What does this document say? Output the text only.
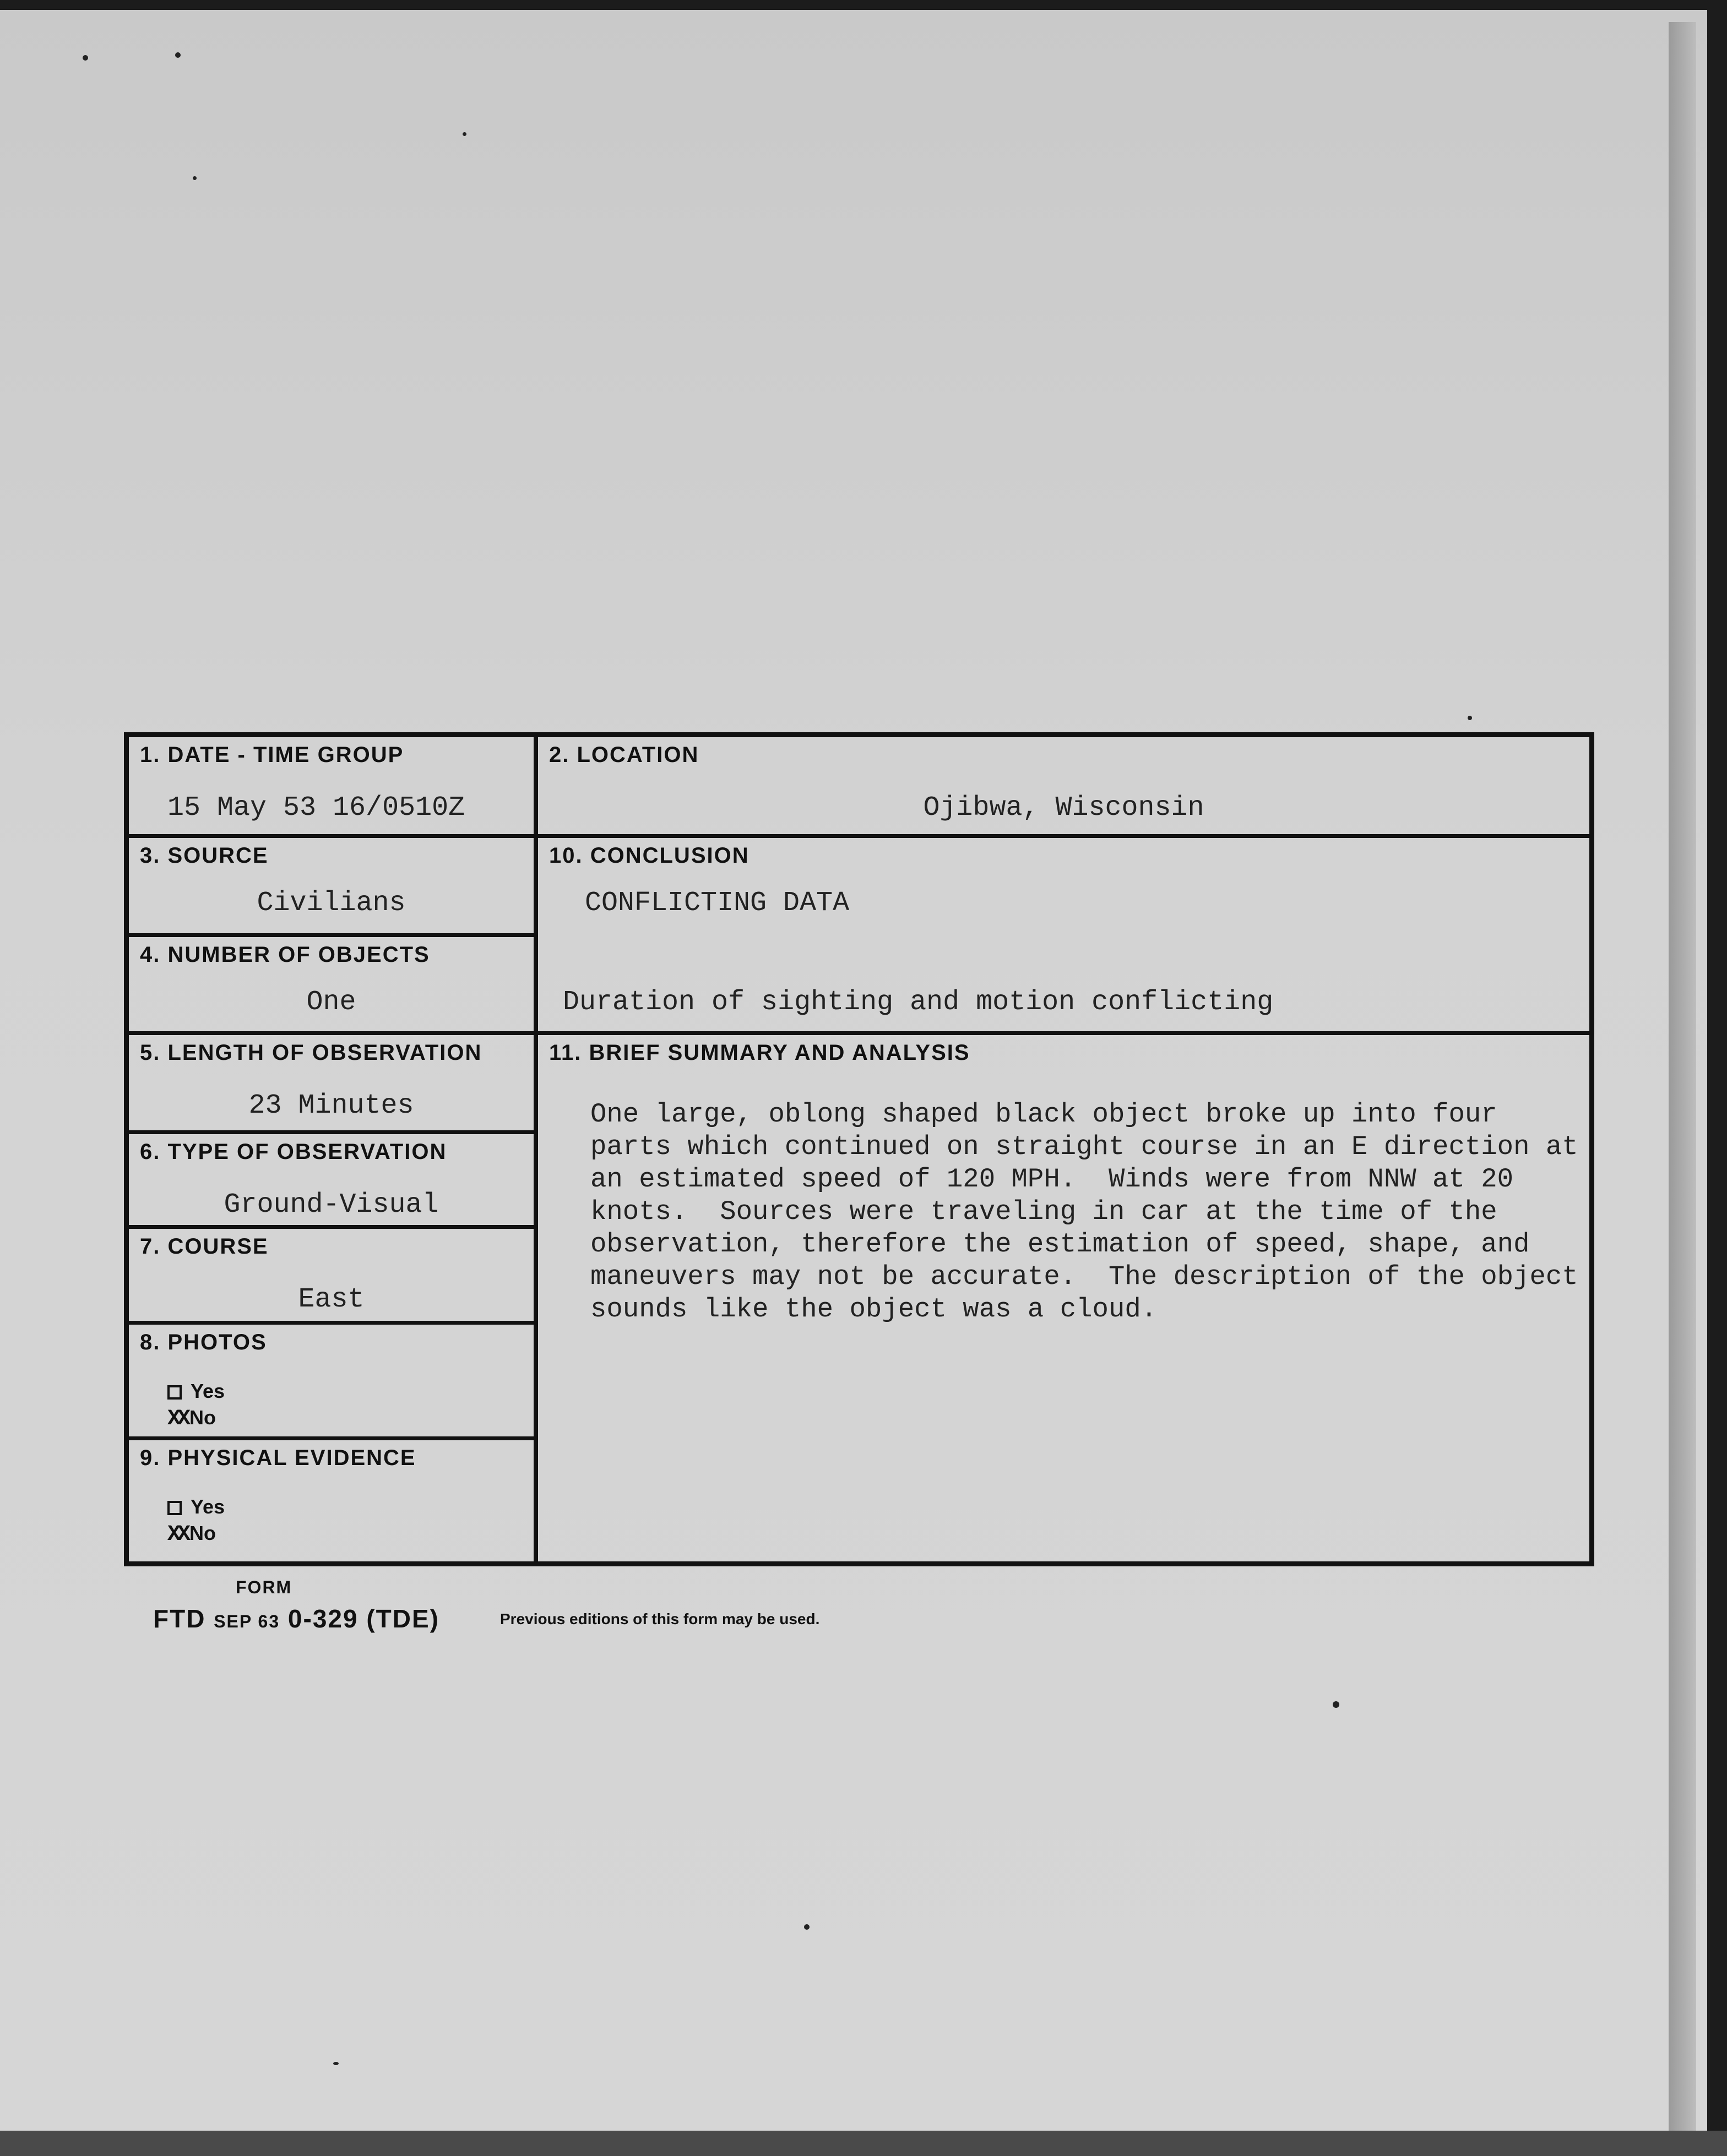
1. DATE - TIME GROUP
15 May 53 16/0510Z
3. SOURCE
Civilians
4. NUMBER OF OBJECTS
One
5. LENGTH OF OBSERVATION
23 Minutes
6. TYPE OF OBSERVATION
Ground-Visual
7. COURSE
East
8. PHOTOS
Yes
XX No
9. PHYSICAL EVIDENCE
Yes
XX No
2. LOCATION
Ojibwa, Wisconsin
10. CONCLUSION
CONFLICTING DATA
Duration of sighting and motion conflicting
11. BRIEF SUMMARY AND ANALYSIS
One large, oblong shaped black object broke up into four
parts which continued on straight course in an E direction at
an estimated speed of 120 MPH.  Winds were from NNW at 20
knots.  Sources were traveling in car at the time of the
observation, therefore the estimation of speed, shape, and
maneuvers may not be accurate.  The description of the object
sounds like the object was a cloud.
FORM
FTD SEP 63 0-329 (TDE)	Previous editions of this form may be used.
